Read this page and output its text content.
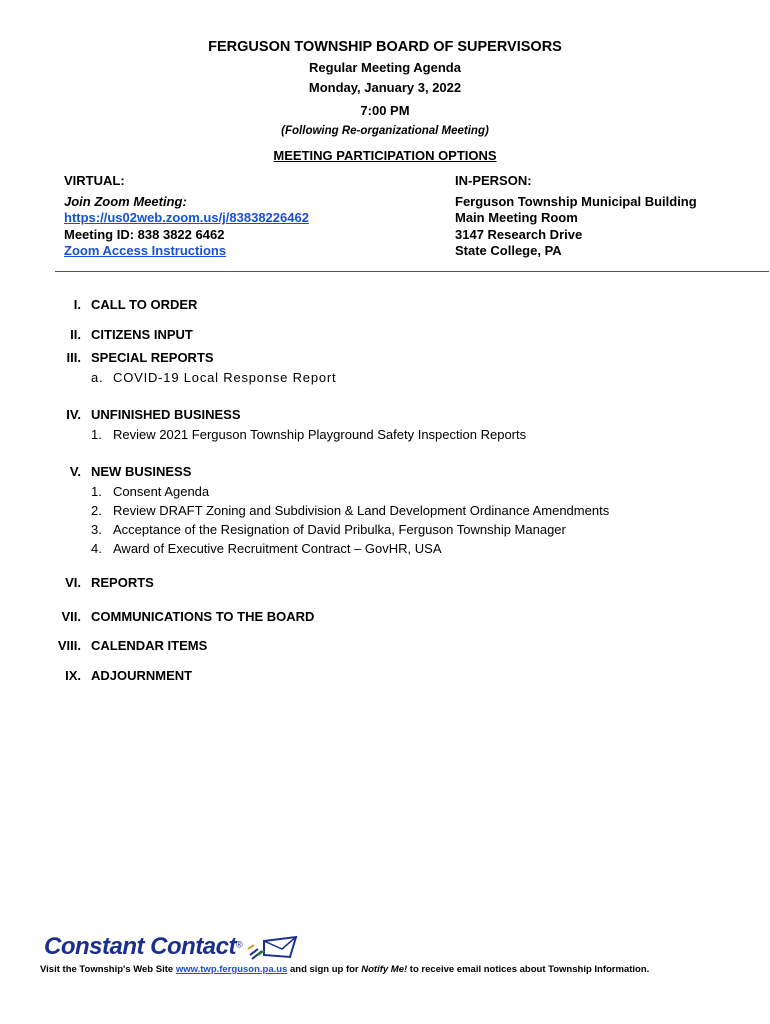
FERGUSON TOWNSHIP BOARD OF SUPERVISORS
Regular Meeting Agenda
Monday, January 3, 2022
7:00 PM
(Following Re-organizational Meeting)
MEETING PARTICIPATION OPTIONS
VIRTUAL:
Join Zoom Meeting:
https://us02web.zoom.us/j/83838226462
Meeting ID: 838 3822 6462
Zoom Access Instructions
IN-PERSON:
Ferguson Township Municipal Building
Main Meeting Room
3147 Research Drive
State College, PA
I. CALL TO ORDER
II. CITIZENS INPUT
III. SPECIAL REPORTS
a. COVID-19 Local Response Report
IV. UNFINISHED BUSINESS
1. Review 2021 Ferguson Township Playground Safety Inspection Reports
V. NEW BUSINESS
1. Consent Agenda
2. Review DRAFT Zoning and Subdivision & Land Development Ordinance Amendments
3. Acceptance of the Resignation of David Pribulka, Ferguson Township Manager
4. Award of Executive Recruitment Contract – GovHR, USA
VI. REPORTS
VII. COMMUNICATIONS TO THE BOARD
VIII. CALENDAR ITEMS
IX. ADJOURNMENT
Constant Contact®
Visit the Township's Web Site www.twp.ferguson.pa.us and sign up for Notify Me! to receive email notices about Township Information.
